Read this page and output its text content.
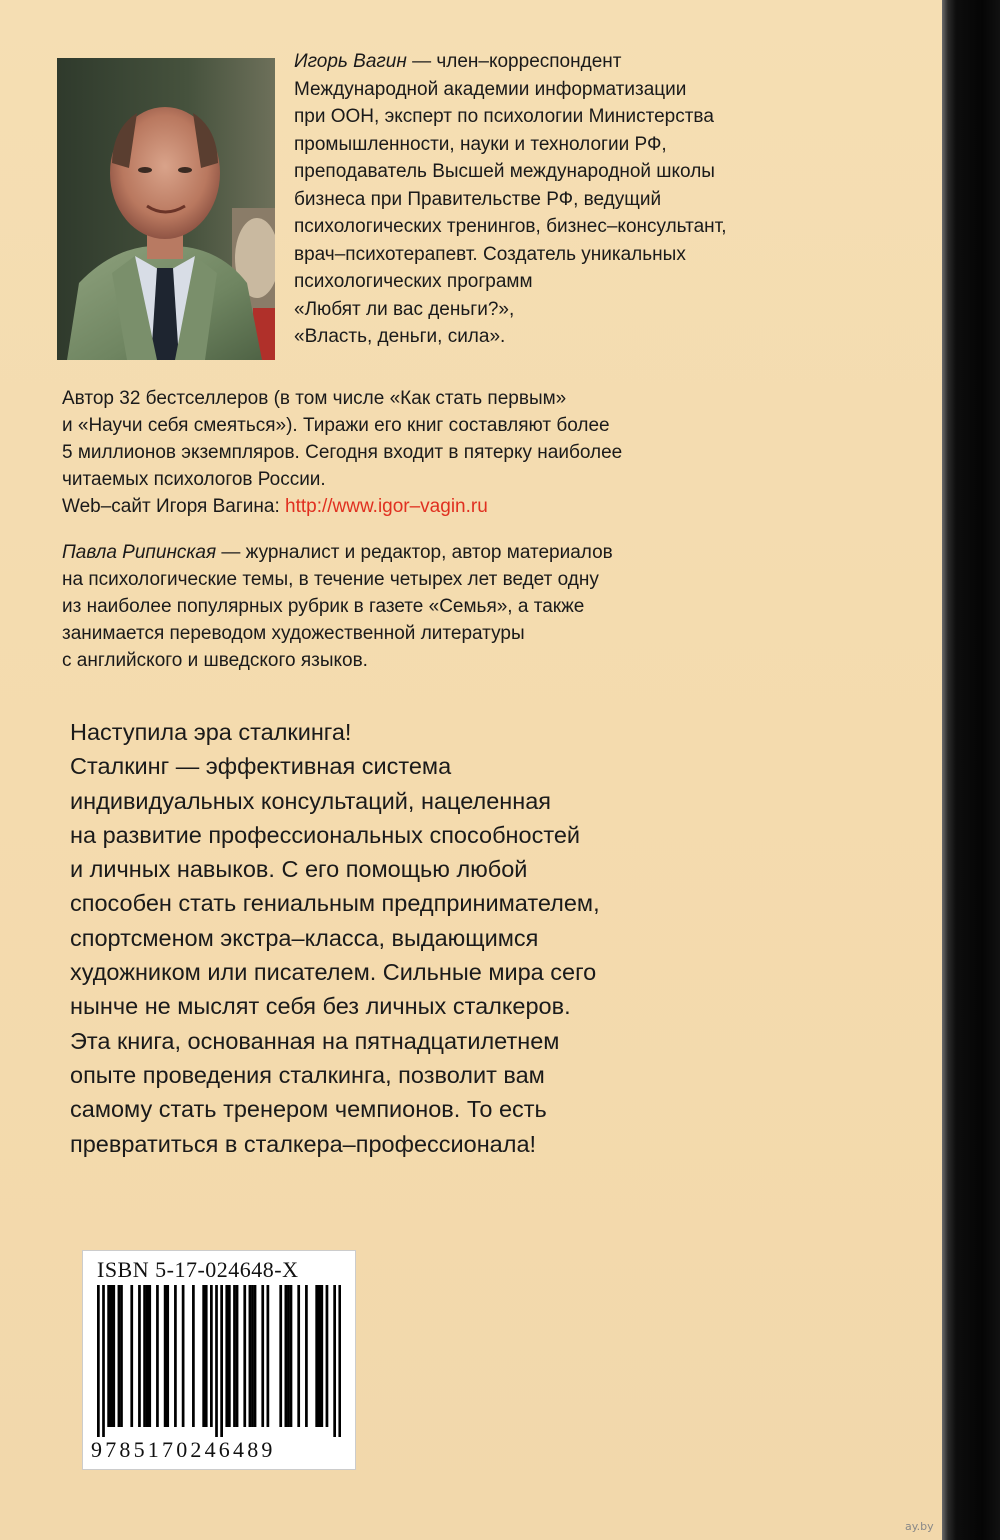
Игорь Вагин — член–корреспондент
Международной академии информатизации
при ООН, эксперт по психологии Министерства
промышленности, науки и технологии РФ,
преподаватель Высшей международной школы
бизнеса при Правительстве РФ, ведущий
психологических тренингов, бизнес–консультант,
врач–психотерапевт. Создатель уникальных
психологических программ
«Любят ли вас деньги?»,
«Власть, деньги, сила».
Автор 32 бестселлеров (в том числе «Как стать первым»
и «Научи себя смеяться»). Тиражи его книг составляют более
5 миллионов экземпляров. Сегодня входит в пятерку наиболее
читаемых психологов России.
Web–сайт Игоря Вагина: http://www.igor–vagin.ru
Павла Рипинская — журналист и редактор, автор материалов
на психологические темы, в течение четырех лет ведет одну
из наиболее популярных рубрик в газете «Семья», а также
занимается переводом художественной литературы
с английского и шведского языков.
Наступила эра сталкинга!
Сталкинг — эффективная система
индивидуальных консультаций, нацеленная
на развитие профессиональных способностей
и личных навыков. С его помощью любой
способен стать гениальным предпринимателем,
спортсменом экстра–класса, выдающимся
художником или писателем. Сильные мира сего
нынче не мыслят себя без личных сталкеров.
Эта книга, основанная на пятнадцатилетнем
опыте проведения сталкинга, позволит вам
самому стать тренером чемпионов. То есть
превратиться в сталкера–профессионала!
ISBN 5-17-024648-X
9785170246489
ay.by
